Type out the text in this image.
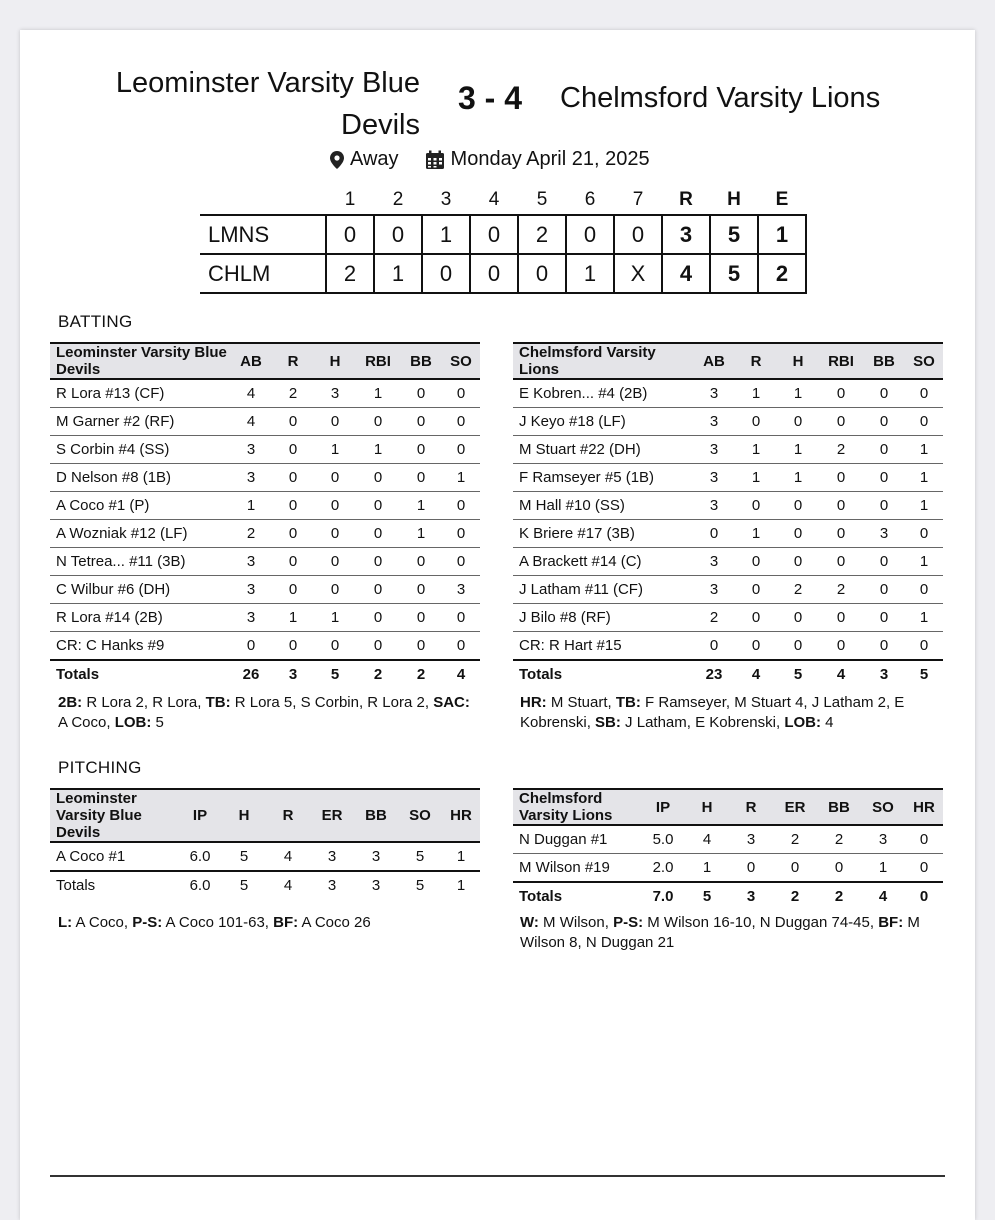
Leominster Varsity Blue Devils
3 - 4	Chelmsford Varsity Lions
Away	Monday April 21, 2025
	1	2	3	4	5	6	7	R	H	E
LMNS	0	0	1	0	2	0	0	3	5	1
CHLM	2	1	0	0	0	1	X	4	5	2
BATTING
Leominster Varsity Blue Devils	AB	R	H	RBI	BB	SO
R Lora #13 (CF)	4	2	3	1	0	0
M Garner #2 (RF)	4	0	0	0	0	0
S Corbin #4 (SS)	3	0	1	1	0	0
D Nelson #8 (1B)	3	0	0	0	0	1
A Coco #1 (P)	1	0	0	0	1	0
A Wozniak #12 (LF)	2	0	0	0	1	0
N Tetrea... #11 (3B)	3	0	0	0	0	0
C Wilbur #6 (DH)	3	0	0	0	0	3
R Lora #14 (2B)	3	1	1	0	0	0
CR: C Hanks #9	0	0	0	0	0	0
Totals	26	3	5	2	2	4
Chelmsford Varsity Lions	AB	R	H	RBI	BB	SO
E Kobren... #4 (2B)	3	1	1	0	0	0
J Keyo #18 (LF)	3	0	0	0	0	0
M Stuart #22 (DH)	3	1	1	2	0	1
F Ramseyer #5 (1B)	3	1	1	0	0	1
M Hall #10 (SS)	3	0	0	0	0	1
K Briere #17 (3B)	0	1	0	0	3	0
A Brackett #14 (C)	3	0	0	0	0	1
J Latham #11 (CF)	3	0	2	2	0	0
J Bilo #8 (RF)	2	0	0	0	0	1
CR: R Hart #15	0	0	0	0	0	0
Totals	23	4	5	4	3	5
2B: R Lora 2, R Lora, TB: R Lora 5, S Corbin, R Lora 2, SAC: A Coco, LOB: 5
HR: M Stuart, TB: F Ramseyer, M Stuart 4, J Latham 2, E Kobrenski, SB: J Latham, E Kobrenski, LOB: 4
PITCHING
Leominster Varsity Blue Devils	IP	H	R	ER	BB	SO	HR
A Coco #1	6.0	5	4	3	3	5	1
Totals	6.0	5	4	3	3	5	1
Chelmsford Varsity Lions	IP	H	R	ER	BB	SO	HR
N Duggan #1	5.0	4	3	2	2	3	0
M Wilson #19	2.0	1	0	0	0	1	0
Totals	7.0	5	3	2	2	4	0
L: A Coco, P-S: A Coco 101-63, BF: A Coco 26	W: M Wilson, P-S: M Wilson 16-10, N Duggan 74-45, BF: M Wilson 8, N Duggan 21
